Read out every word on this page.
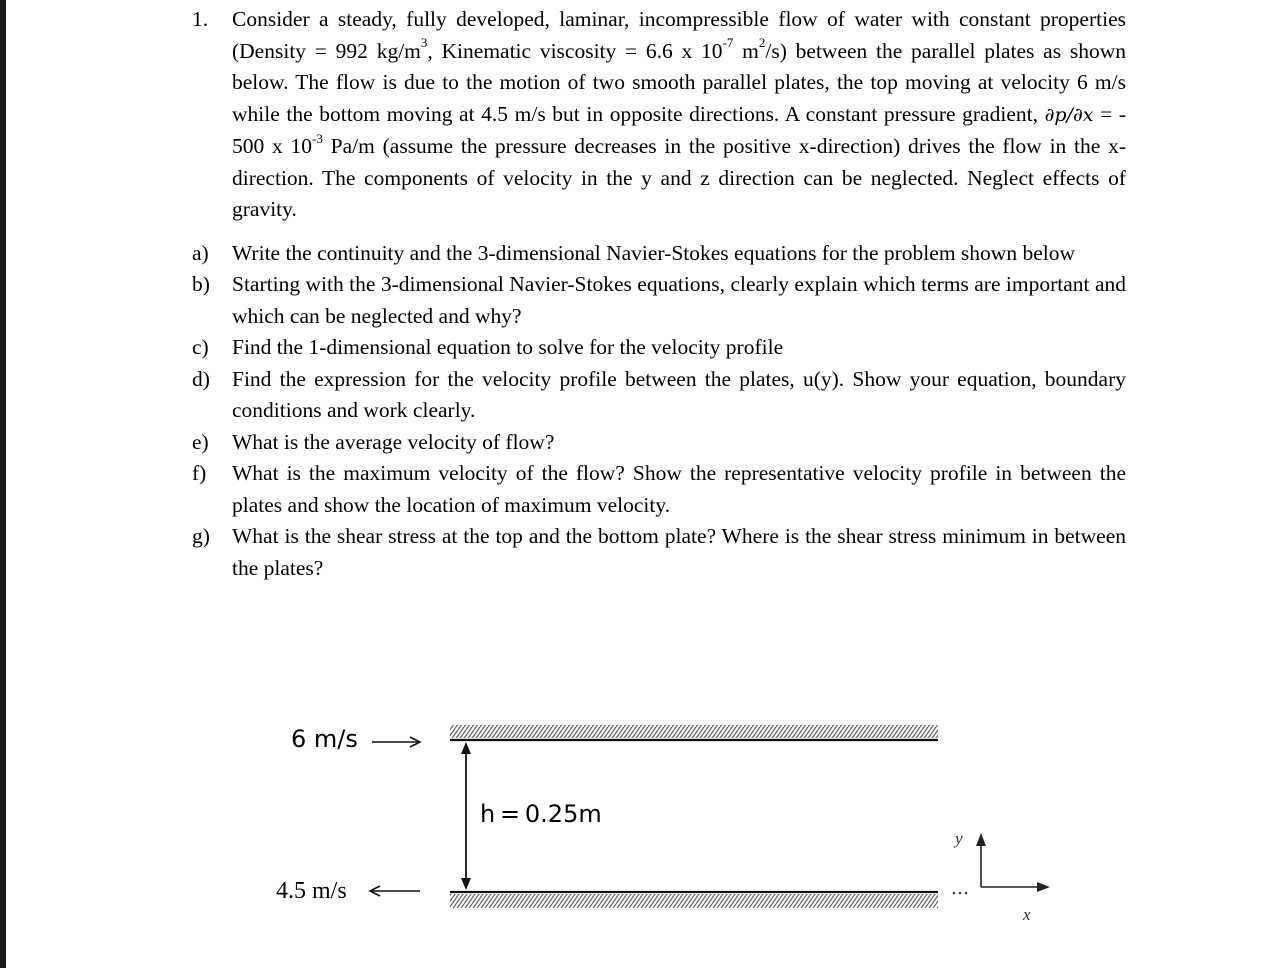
1.	Consider a steady, fully developed, laminar, incompressible flow of water with constant properties (Density = 992 $kg/m^3$, Kinematic viscosity = 6.6 x $10^{-7}$ $m^2/s$) between the parallel plates as shown below. The flow is due to the motion of two smooth parallel plates, the top moving at velocity 6 m/s while the bottom moving at 4.5 m/s but in opposite directions. A constant pressure gradient, ∂p/∂x = - 500 x $10^{-3}$ Pa/m (assume the pressure decreases in the positive x-direction) drives the flow in the x-direction. The components of velocity in the y and z direction can be neglected. Neglect effects of gravity.
a)	Write the continuity and the 3-dimensional Navier-Stokes equations for the problem shown below
b)	Starting with the 3-dimensional Navier-Stokes equations, clearly explain which terms are important and which can be neglected and why?
c)	Find the 1-dimensional equation to solve for the velocity profile
d)	Find the expression for the velocity profile between the plates, u(y). Show your equation, boundary conditions and work clearly.
e)	What is the average velocity of flow?
f)	What is the maximum velocity of the flow? Show the representative velocity profile in between the plates and show the location of maximum velocity.
g)	What is the shear stress at the top and the bottom plate? Where is the shear stress minimum in between the plates?
6 m/s
h = 0.25m
4.5 m/s
y
x
